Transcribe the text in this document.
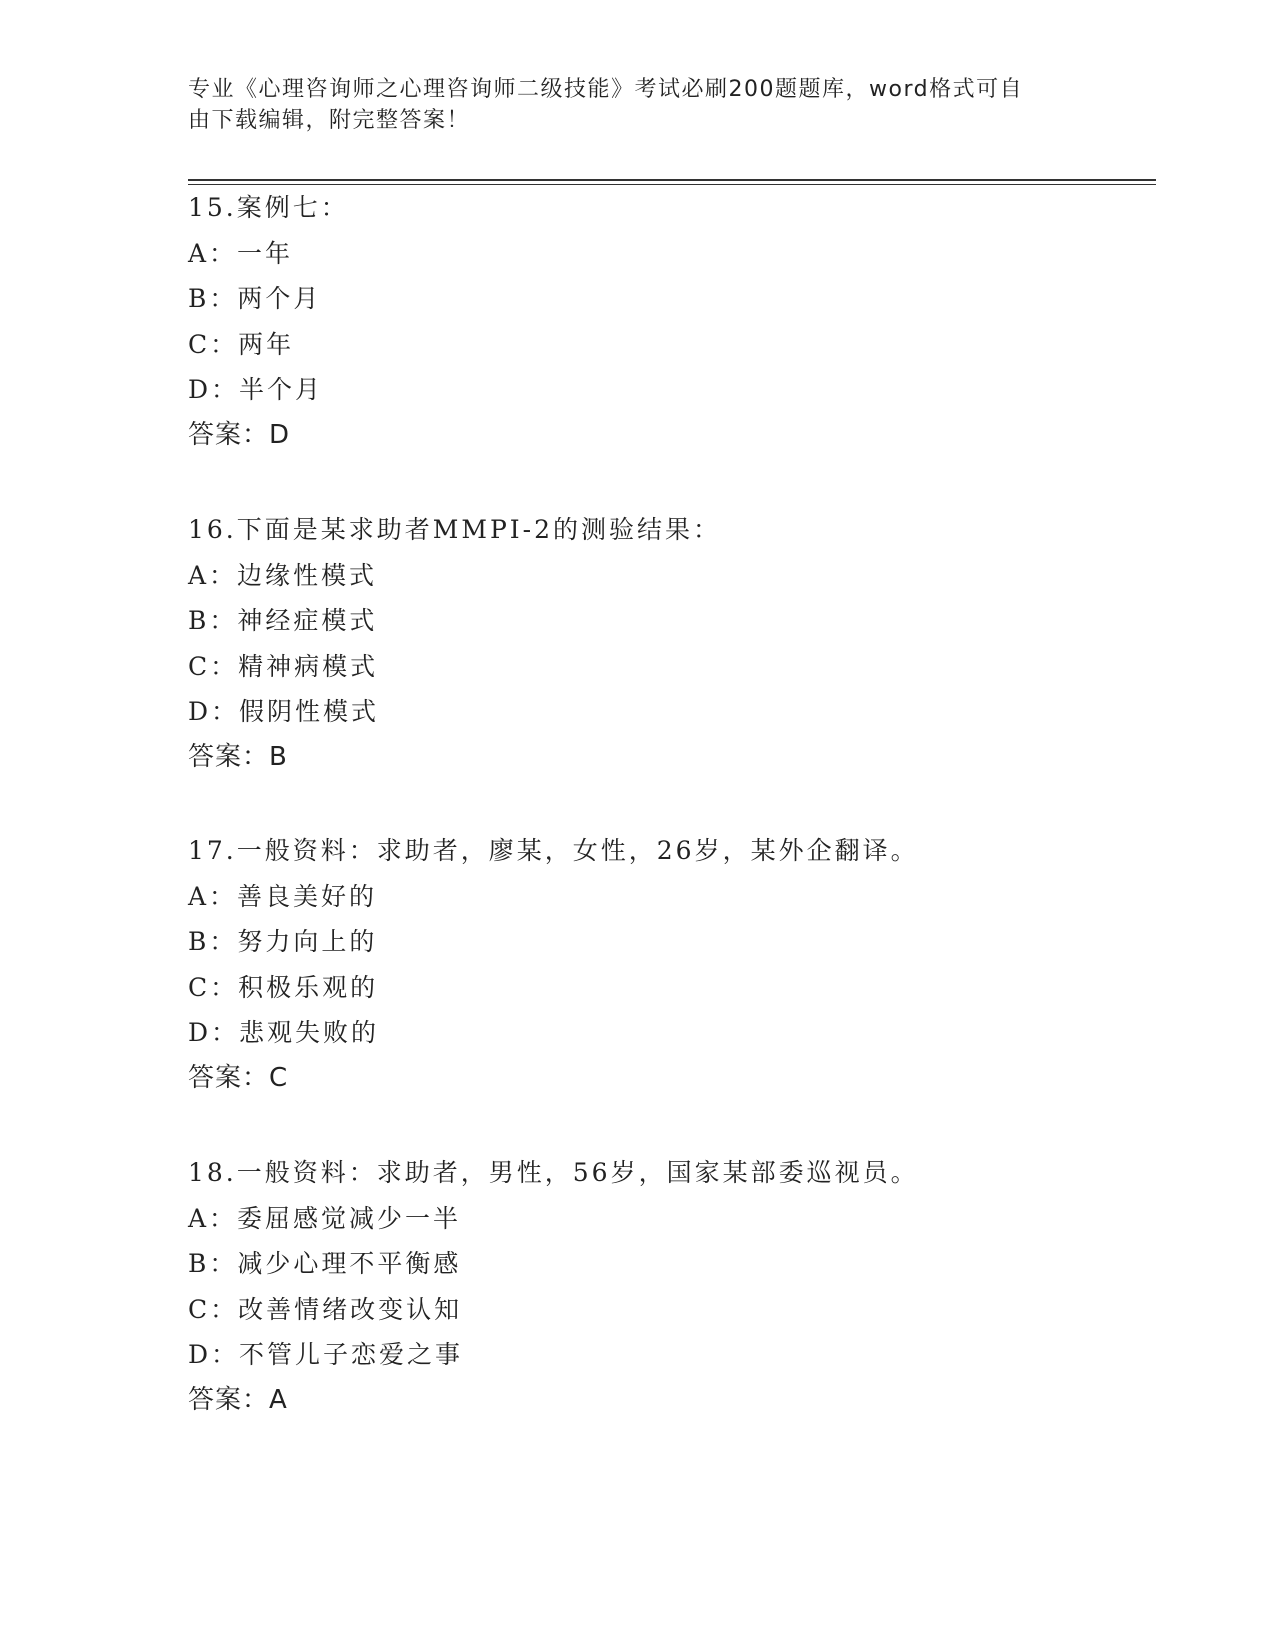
专业《心理咨询师之心理咨询师二级技能》考试必刷200题题库，word格式可自
由下载编辑，附完整答案！
15.案例七：
A：一年
B：两个月
C：两年
D：半个月
答案：D
16.下面是某求助者MMPI-2的测验结果：
A：边缘性模式
B：神经症模式
C：精神病模式
D：假阴性模式
答案：B
17.一般资料：求助者，廖某，女性，26岁，某外企翻译。
A：善良美好的
B：努力向上的
C：积极乐观的
D：悲观失败的
答案：C
18.一般资料：求助者，男性，56岁，国家某部委巡视员。
A：委屈感觉减少一半
B：减少心理不平衡感
C：改善情绪改变认知
D：不管儿子恋爱之事
答案：A
